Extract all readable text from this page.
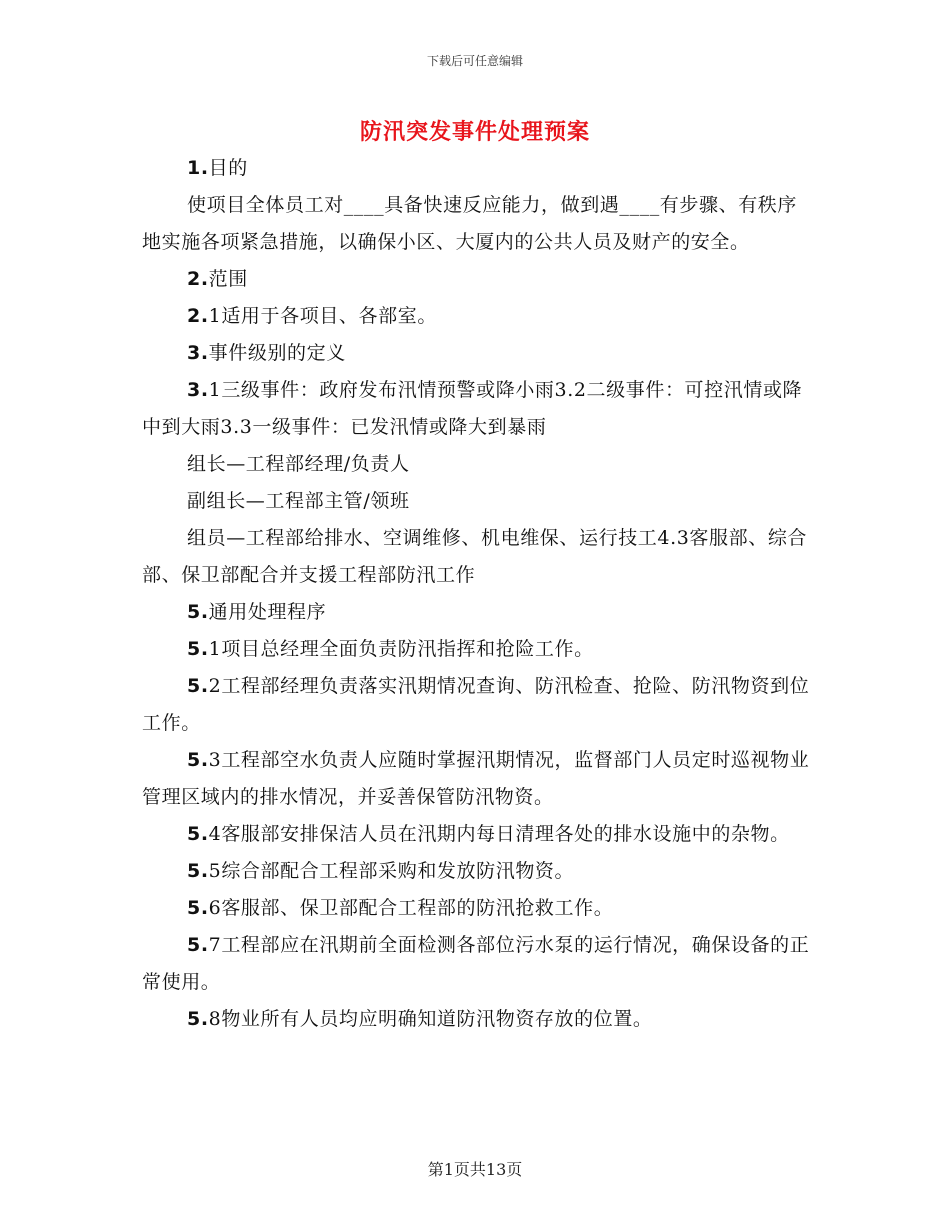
下载后可任意编辑
防汛突发事件处理预案

1.目的

使项目全体员工对____具备快速反应能力，做到遇____有步骤、有秩序地实施各项紧急措施，以确保小区、大厦内的公共人员及财产的安全。

2.范围

2.1适用于各项目、各部室。

3.事件级别的定义

3.1三级事件：政府发布汛情预警或降小雨3.2二级事件：可控汛情或降中到大雨3.3一级事件：已发汛情或降大到暴雨

组长—工程部经理/负责人

副组长—工程部主管/领班

组员—工程部给排水、空调维修、机电维保、运行技工4.3客服部、综合部、保卫部配合并支援工程部防汛工作

5.通用处理程序

5.1项目总经理全面负责防汛指挥和抢险工作。

5.2工程部经理负责落实汛期情况查询、防汛检查、抢险、防汛物资到位工作。

5.3工程部空水负责人应随时掌握汛期情况，监督部门人员定时巡视物业管理区域内的排水情况，并妥善保管防汛物资。

5.4客服部安排保洁人员在汛期内每日清理各处的排水设施中的杂物。

5.5综合部配合工程部采购和发放防汛物资。

5.6客服部、保卫部配合工程部的防汛抢救工作。

5.7工程部应在汛期前全面检测各部位污水泵的运行情况，确保设备的正常使用。

5.8物业所有人员均应明确知道防汛物资存放的位置。

第1页共13页
